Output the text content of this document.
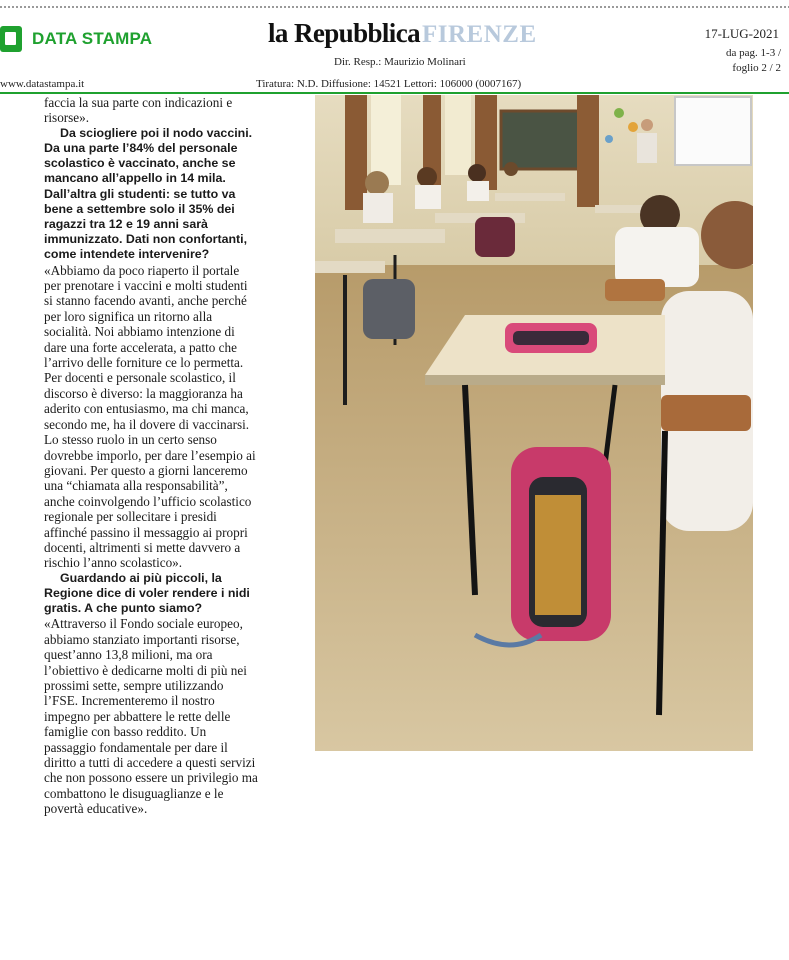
DATA STAMPA	la Repubblica FIRENZE	17-LUG-2021
da pag. 1-3 /
foglio 2 / 2
Dir. Resp.: Maurizio Molinari
www.datastampa.it	Tiratura: N.D. Diffusione: 14521 Lettori: 106000 (0007167)

faccia la sua parte con indicazioni e risorse».

Da sciogliere poi il nodo vaccini. Da una parte l’84% del personale scolastico è vaccinato, anche se mancano all’appello in 14 mila. Dall’altra gli studenti: se tutto va bene a settembre solo il 35% dei ragazzi tra 12 e 19 anni sarà immunizzato. Dati non confortanti, come intendete intervenire?

«Abbiamo da poco riaperto il portale per prenotare i vaccini e molti studenti si stanno facendo avanti, anche perché per loro significa un ritorno alla socialità. Noi abbiamo intenzione di dare una forte accelerata, a patto che l’arrivo delle forniture ce lo permetta. Per docenti e personale scolastico, il discorso è diverso: la maggioranza ha aderito con entusiasmo, ma chi manca, secondo me, ha il dovere di vaccinarsi. Lo stesso ruolo in un certo senso dovrebbe imporlo, per dare l’esempio ai giovani. Per questo a giorni lanceremo una “chiamata alla responsabilità”, anche coinvolgendo l’ufficio scolastico regionale per sollecitare i presidi affinché passino il messaggio ai propri docenti, altrimenti si mette davvero a rischio l’anno scolastico».

Guardando ai più piccoli, la Regione dice di voler rendere i nidi gratis. A che punto siamo?

«Attraverso il Fondo sociale europeo, abbiamo stanziato importanti risorse, quest’anno 13,8 milioni, ma ora l’obiettivo è dedicarne molti di più nei prossimi sette, sempre utilizzando l’FSE. Incrementeremo il nostro impegno per abbattere le rette delle famiglie con basso reddito. Un passaggio fondamentale per dare il diritto a tutti di accedere a questi servizi che non possono essere un privilegio ma combattono le disuguaglianze e le povertà educative».
